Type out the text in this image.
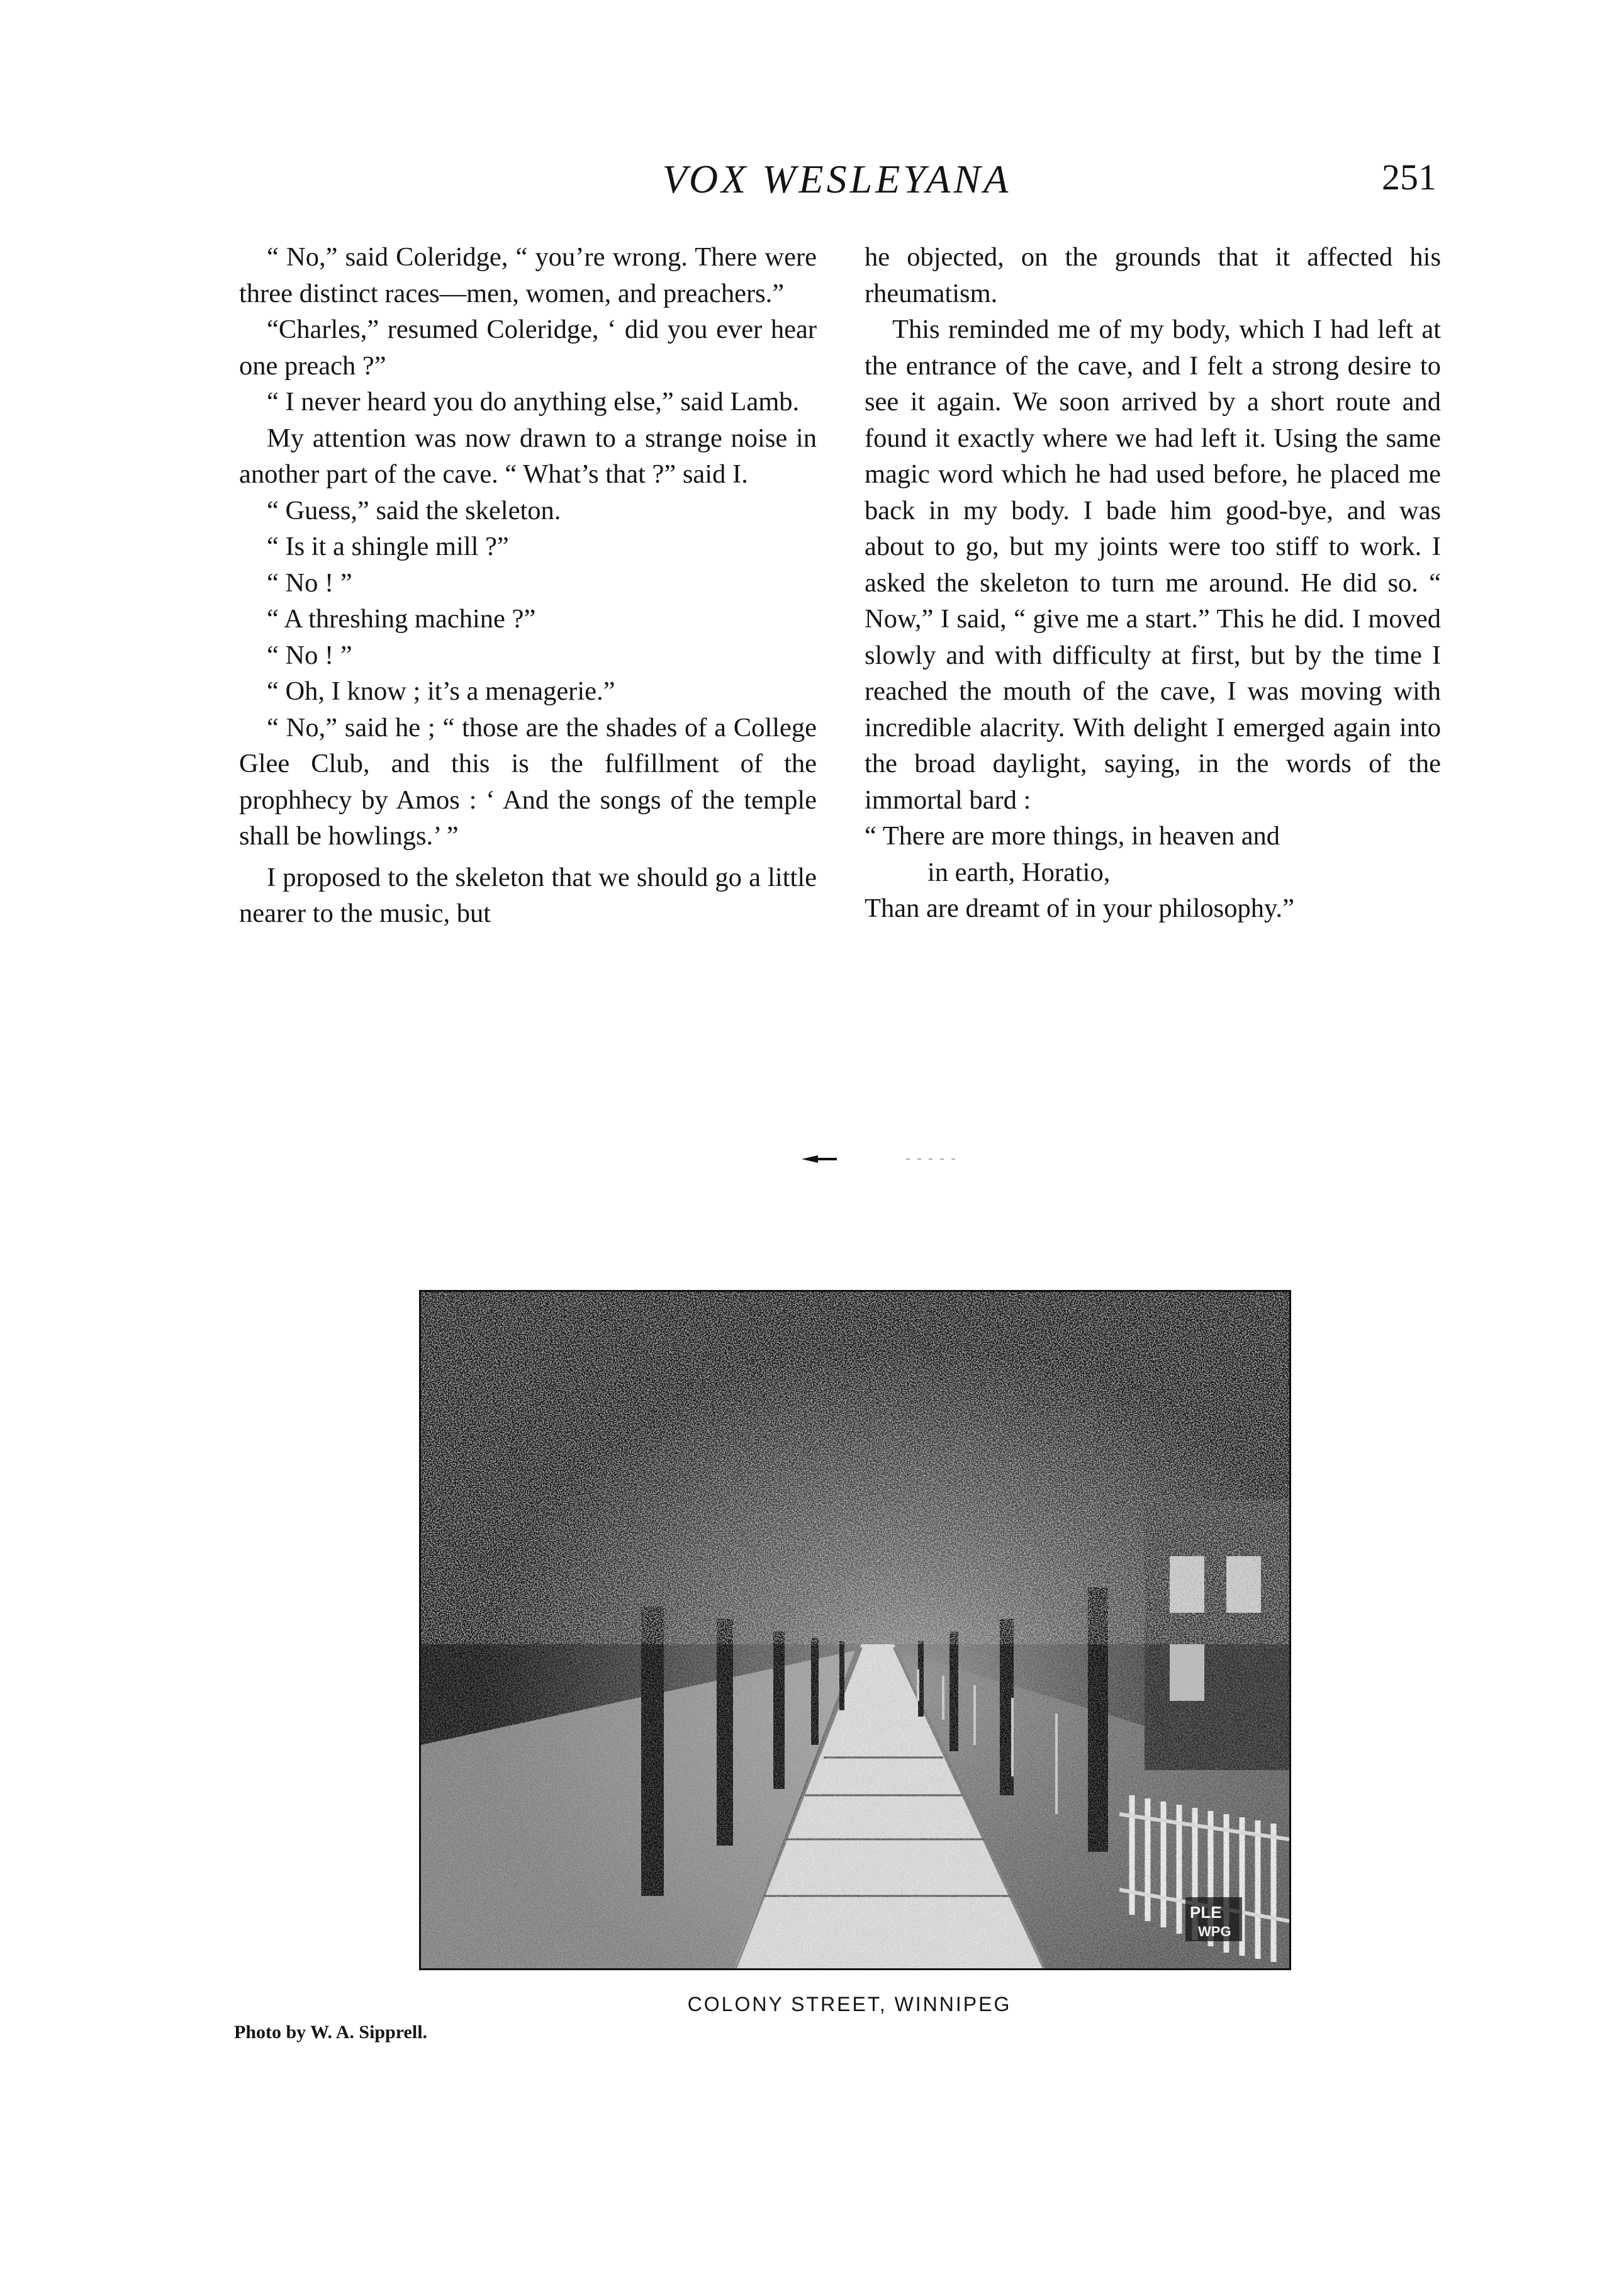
VOX WESLEYANA	251

“ No,” said Coleridge, “ you’re wrong. There were three distinct races—men, women, and preachers.”

“Charles,” resumed Coleridge, ‘ did you ever hear one preach ?”

“ I never heard you do anything else,” said Lamb.

My attention was now drawn to a strange noise in another part of the cave. “ What’s that ?” said I.

“ Guess,” said the skeleton.

“ Is it a shingle mill ?”

“ No ! ”

“ A threshing machine ?”

“ No ! ”

“ Oh, I know ; it’s a menagerie.”

“ No,” said he ; “ those are the shades of a College Glee Club, and this is the fulfillment of the prophhecy by Amos : ‘ And the songs of the temple shall be howlings.’ ”

I proposed to the skeleton that we should go a little nearer to the music, but

he objected, on the grounds that it affected his rheumatism.

This reminded me of my body, which I had left at the entrance of the cave, and I felt a strong desire to see it again. We soon arrived by a short route and found it exactly where we had left it. Using the same magic word which he had used before, he placed me back in my body. I bade him good-bye, and was about to go, but my joints were too stiff to work. I asked the skeleton to turn me around. He did so. “ Now,” I said, “ give me a start.” This he did. I moved slowly and with difficulty at first, but by the time I reached the mouth of the cave, I was moving with incredible alacrity. With delight I emerged again into the broad daylight, saying, in the words of the immortal bard :

“ There are more things, in heaven and
in earth, Horatio,
Than are dreamt of in your philosophy.”
PLE
WPG
COLONY STREET, WINNIPEG
Photo by W. A. Sipprell.
